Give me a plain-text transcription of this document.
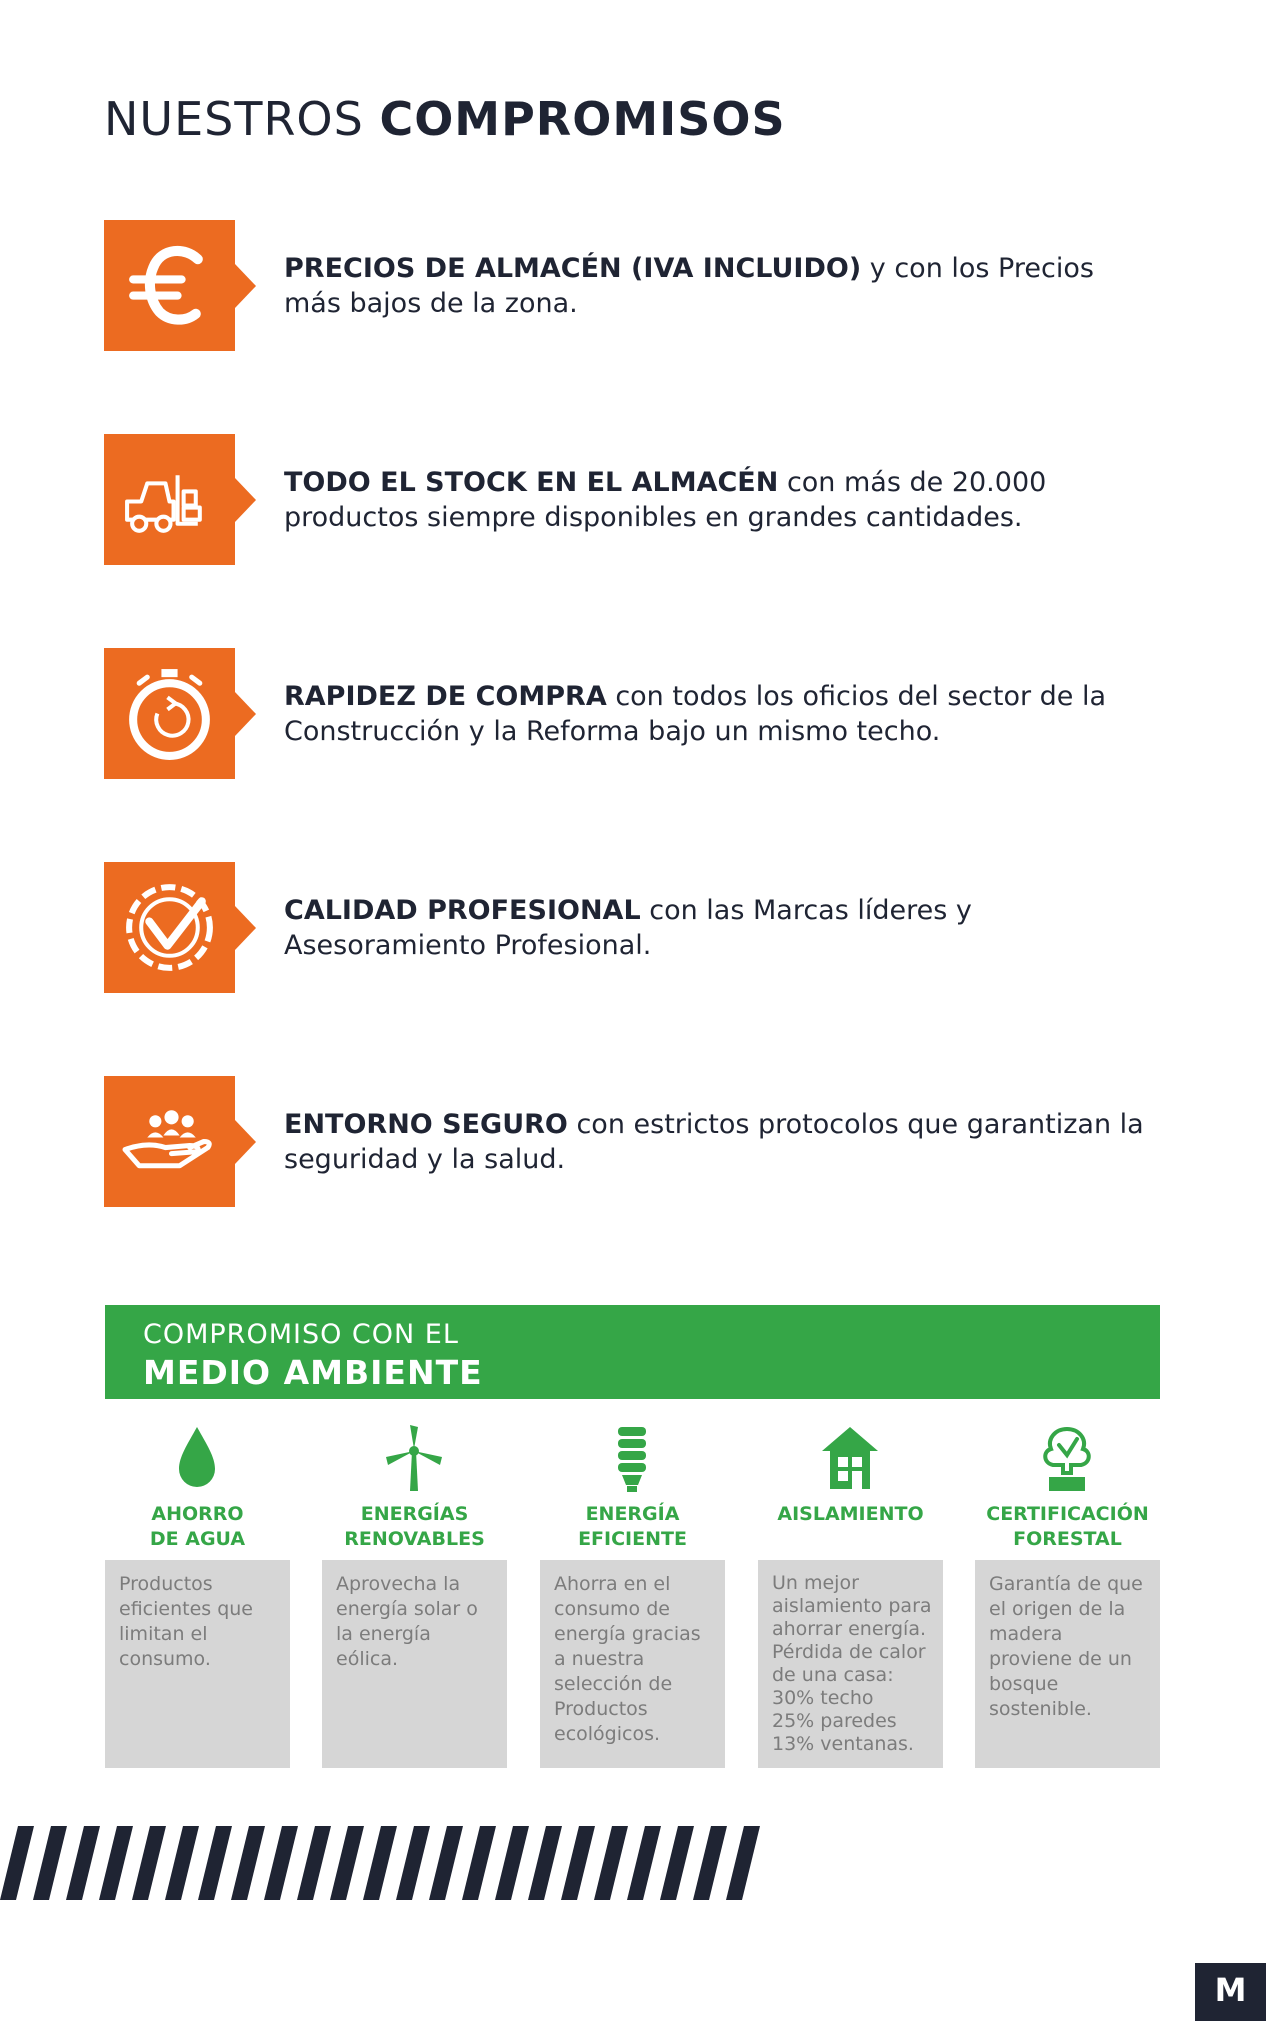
NUESTROS COMPROMISOS

PRECIOS DE ALMACÉN (IVA INCLUIDO) y con los Precios más bajos de la zona.

TODO EL STOCK EN EL ALMACÉN con más de 20.000 productos siempre disponibles en grandes cantidades.

RAPIDEZ DE COMPRA con todos los oficios del sector de la Construcción y la Reforma bajo un mismo techo.

CALIDAD PROFESIONAL con las Marcas líderes y Asesoramiento Profesional.

ENTORNO SEGURO con estrictos protocolos que garantizan la seguridad y la salud.

COMPROMISO CON EL
MEDIO AMBIENTE

AHORRO
DE AGUA

Productos
eficientes que
limitan el
consumo.

ENERGÍAS
RENOVABLES

Aprovecha la
energía solar o
la energía
eólica.

ENERGÍA
EFICIENTE

Ahorra en el
consumo de
energía gracias
a nuestra
selección de
Productos
ecológicos.

AISLAMIENTO

Un mejor
aislamiento para
ahorrar energía.
Pérdida de calor
de una casa:
30% techo
25% paredes
13% ventanas.

CERTIFICACIÓN
FORESTAL

Garantía de que
el origen de la
madera
proviene de un
bosque
sostenible.

M
